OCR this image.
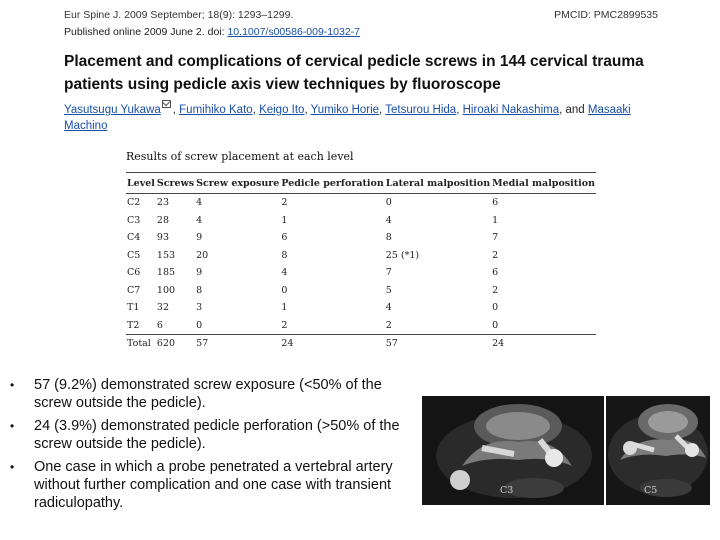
Eur Spine J. 2009 September; 18(9): 1293–1299.	PMCID: PMC2899535
Published online 2009 June 2. doi: 10.1007/s00586-009-1032-7
Placement and complications of cervical pedicle screws in 144 cervical trauma patients using pedicle axis view techniques by fluoroscope
Yasutsugu Yukawa , Fumihiko Kato, Keigo Ito, Yumiko Horie, Tetsurou Hida, Hiroaki Nakashima, and Masaaki Machino
Results of screw placement at each level
Level	Screws	Screw exposure	Pedicle perforation	Lateral malposition	Medial malposition
C2	23	4	2	0	6
C3	28	4	1	4	1
C4	93	9	6	8	7
C5	153	20	8	25 (*1)	2
C6	185	9	4	7	6
C7	100	8	0	5	2
T1	32	3	1	4	0
T2	6	0	2	2	0
Total	620	57	24	57	24
• 57 (9.2%) demonstrated screw exposure (<50% of the screw outside the pedicle).
• 24 (3.9%) demonstrated pedicle perforation (>50% of the screw outside the pedicle).
• One case in which a probe penetrated a vertebral artery without further complication and one case with transient radiculopathy.
C3	C5
